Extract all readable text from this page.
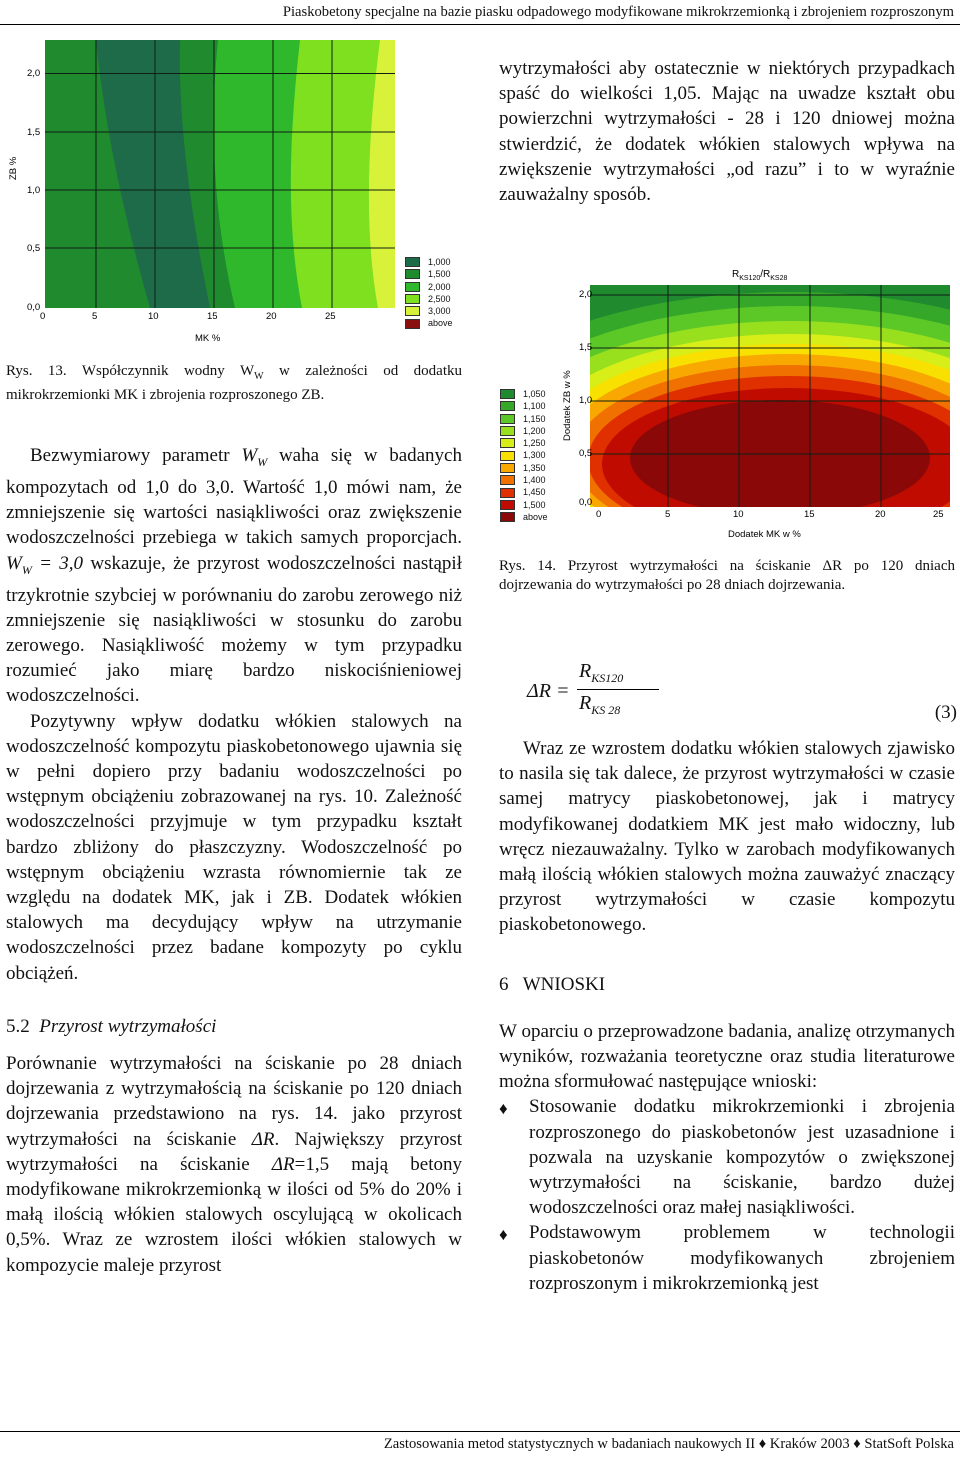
Piaskobetony specjalne na bazie piasku odpadowego modyfikowane mikrokrzemionką i zbrojeniem rozproszonym
ZB %
2,0
1,5
1,0
0,5
0,0
0	5	10	15	20	25
MK %
1,000
1,500
2,000
2,500
3,000
above
Rys. 13. Współczynnik wodny $W_W$ w zależności od dodatku mikrokrzemionki MK i zbrojenia rozproszonego ZB.

Bezwymiarowy parametr $W_W$ waha się w badanych kompozytach od 1,0 do 3,0. Wartość 1,0 mówi nam, że zmniejszenie się wartości nasiąkliwości oraz zwiększenie wodoszczelności przebiega w takich samych proporcjach. $W_W = 3,0$ wskazuje, że przyrost wodoszczelności nastąpił trzykrotnie szybciej w porównaniu do zarobu zerowego niż zmniejszenie się nasiąkliwości w stosunku do zarobu zerowego. Nasiąkliwość możemy w tym przypadku rozumieć jako miarę bardzo niskociśnieniowej wodoszczelności.

Pozytywny wpływ dodatku włókien stalowych na wodoszczelność kompozytu piaskobetonowego ujawnia się w pełni dopiero przy badaniu wodoszczelności po wstępnym obciążeniu zobrazowanej na rys. 10. Zależność wodoszczelności przyjmuje w tym przypadku kształt bardzo zbliżony do płaszczyzny. Wodoszczelność po wstępnym obciążeniu wzrasta równomiernie tak ze względu na dodatek MK, jak i ZB. Dodatek włókien stalowych ma decydujący wpływ na utrzymanie wodoszczelności przez badane kompozyty po cyklu obciążeń.

5.2 Przyrost wytrzymałości

Porównanie wytrzymałości na ściskanie po 28 dniach dojrzewania z wytrzymałością na ściskanie po 120 dniach dojrzewania przedstawiono na rys. 14. jako przyrost wytrzymałości na ściskanie ΔR. Największy przyrost wytrzymałości na ściskanie ΔR=1,5 mają betony modyfikowane mikrokrzemionką w ilości od 5% do 20% i małą ilością włókien stalowych oscylującą w okolicach 0,5%. Wraz ze wzrostem ilości włókien stalowych w kompozycie maleje przyrost

wytrzymałości aby ostatecznie w niektórych przypadkach spaść do wielkości 1,05. Mając na uwadze kształt obu powierzchni wytrzymałości - 28 i 120 dniowej można stwierdzić, że dodatek włókien stalowych wpływa na zwiększenie wytrzymałości „od razu” i to w wyraźnie zauważalny sposób.

$R_{KS120}/R_{KS28}$
Dodatek ZB w %
2,0
1,5
1,0
0,5
0,0
0	5	10	15	20	25
Dodatek MK w %
1,050
1,100
1,150
1,200
1,250
1,300
1,350
1,400
1,450
1,500
above
Rys. 14. Przyrost wytrzymałości na ściskanie ΔR po 120 dniach dojrzewania do wytrzymałości po 28 dniach dojrzewania.
ΔR =
$R_{KS120}$
$R_{KS 28}$	(3)

Wraz ze wzrostem dodatku włókien stalowych zjawisko to nasila się tak dalece, że przyrost wytrzymałości w czasie samej matrycy piaskobetonowej, jak i matrycy modyfikowanej dodatkiem MK jest mało widoczny, lub wręcz niezauważalny. Tylko w zarobach modyfikowanych małą ilością włókien stalowych można zauważyć znaczący przyrost wytrzymałości w czasie kompozytu piaskobetonowego.

6 WNIOSKI

W oparciu o przeprowadzone badania, analizę otrzymanych wyników, rozważania teoretyczne oraz studia literaturowe można sformułować następujące wnioski:

♦ Stosowanie dodatku mikrokrzemionki i zbrojenia rozproszonego do piaskobetonów jest uzasadnione i pozwala na uzyskanie kompozytów o zwiększonej wytrzymałości na ściskanie, bardzo dużej wodoszczelności oraz małej nasiąkliwości.
♦ Podstawowym problemem w technologii piaskobetonów modyfikowanych zbrojeniem rozproszonym i mikrokrzemionką jest
Zastosowania metod statystycznych w badaniach naukowych II ♦ Kraków 2003 ♦ StatSoft Polska
